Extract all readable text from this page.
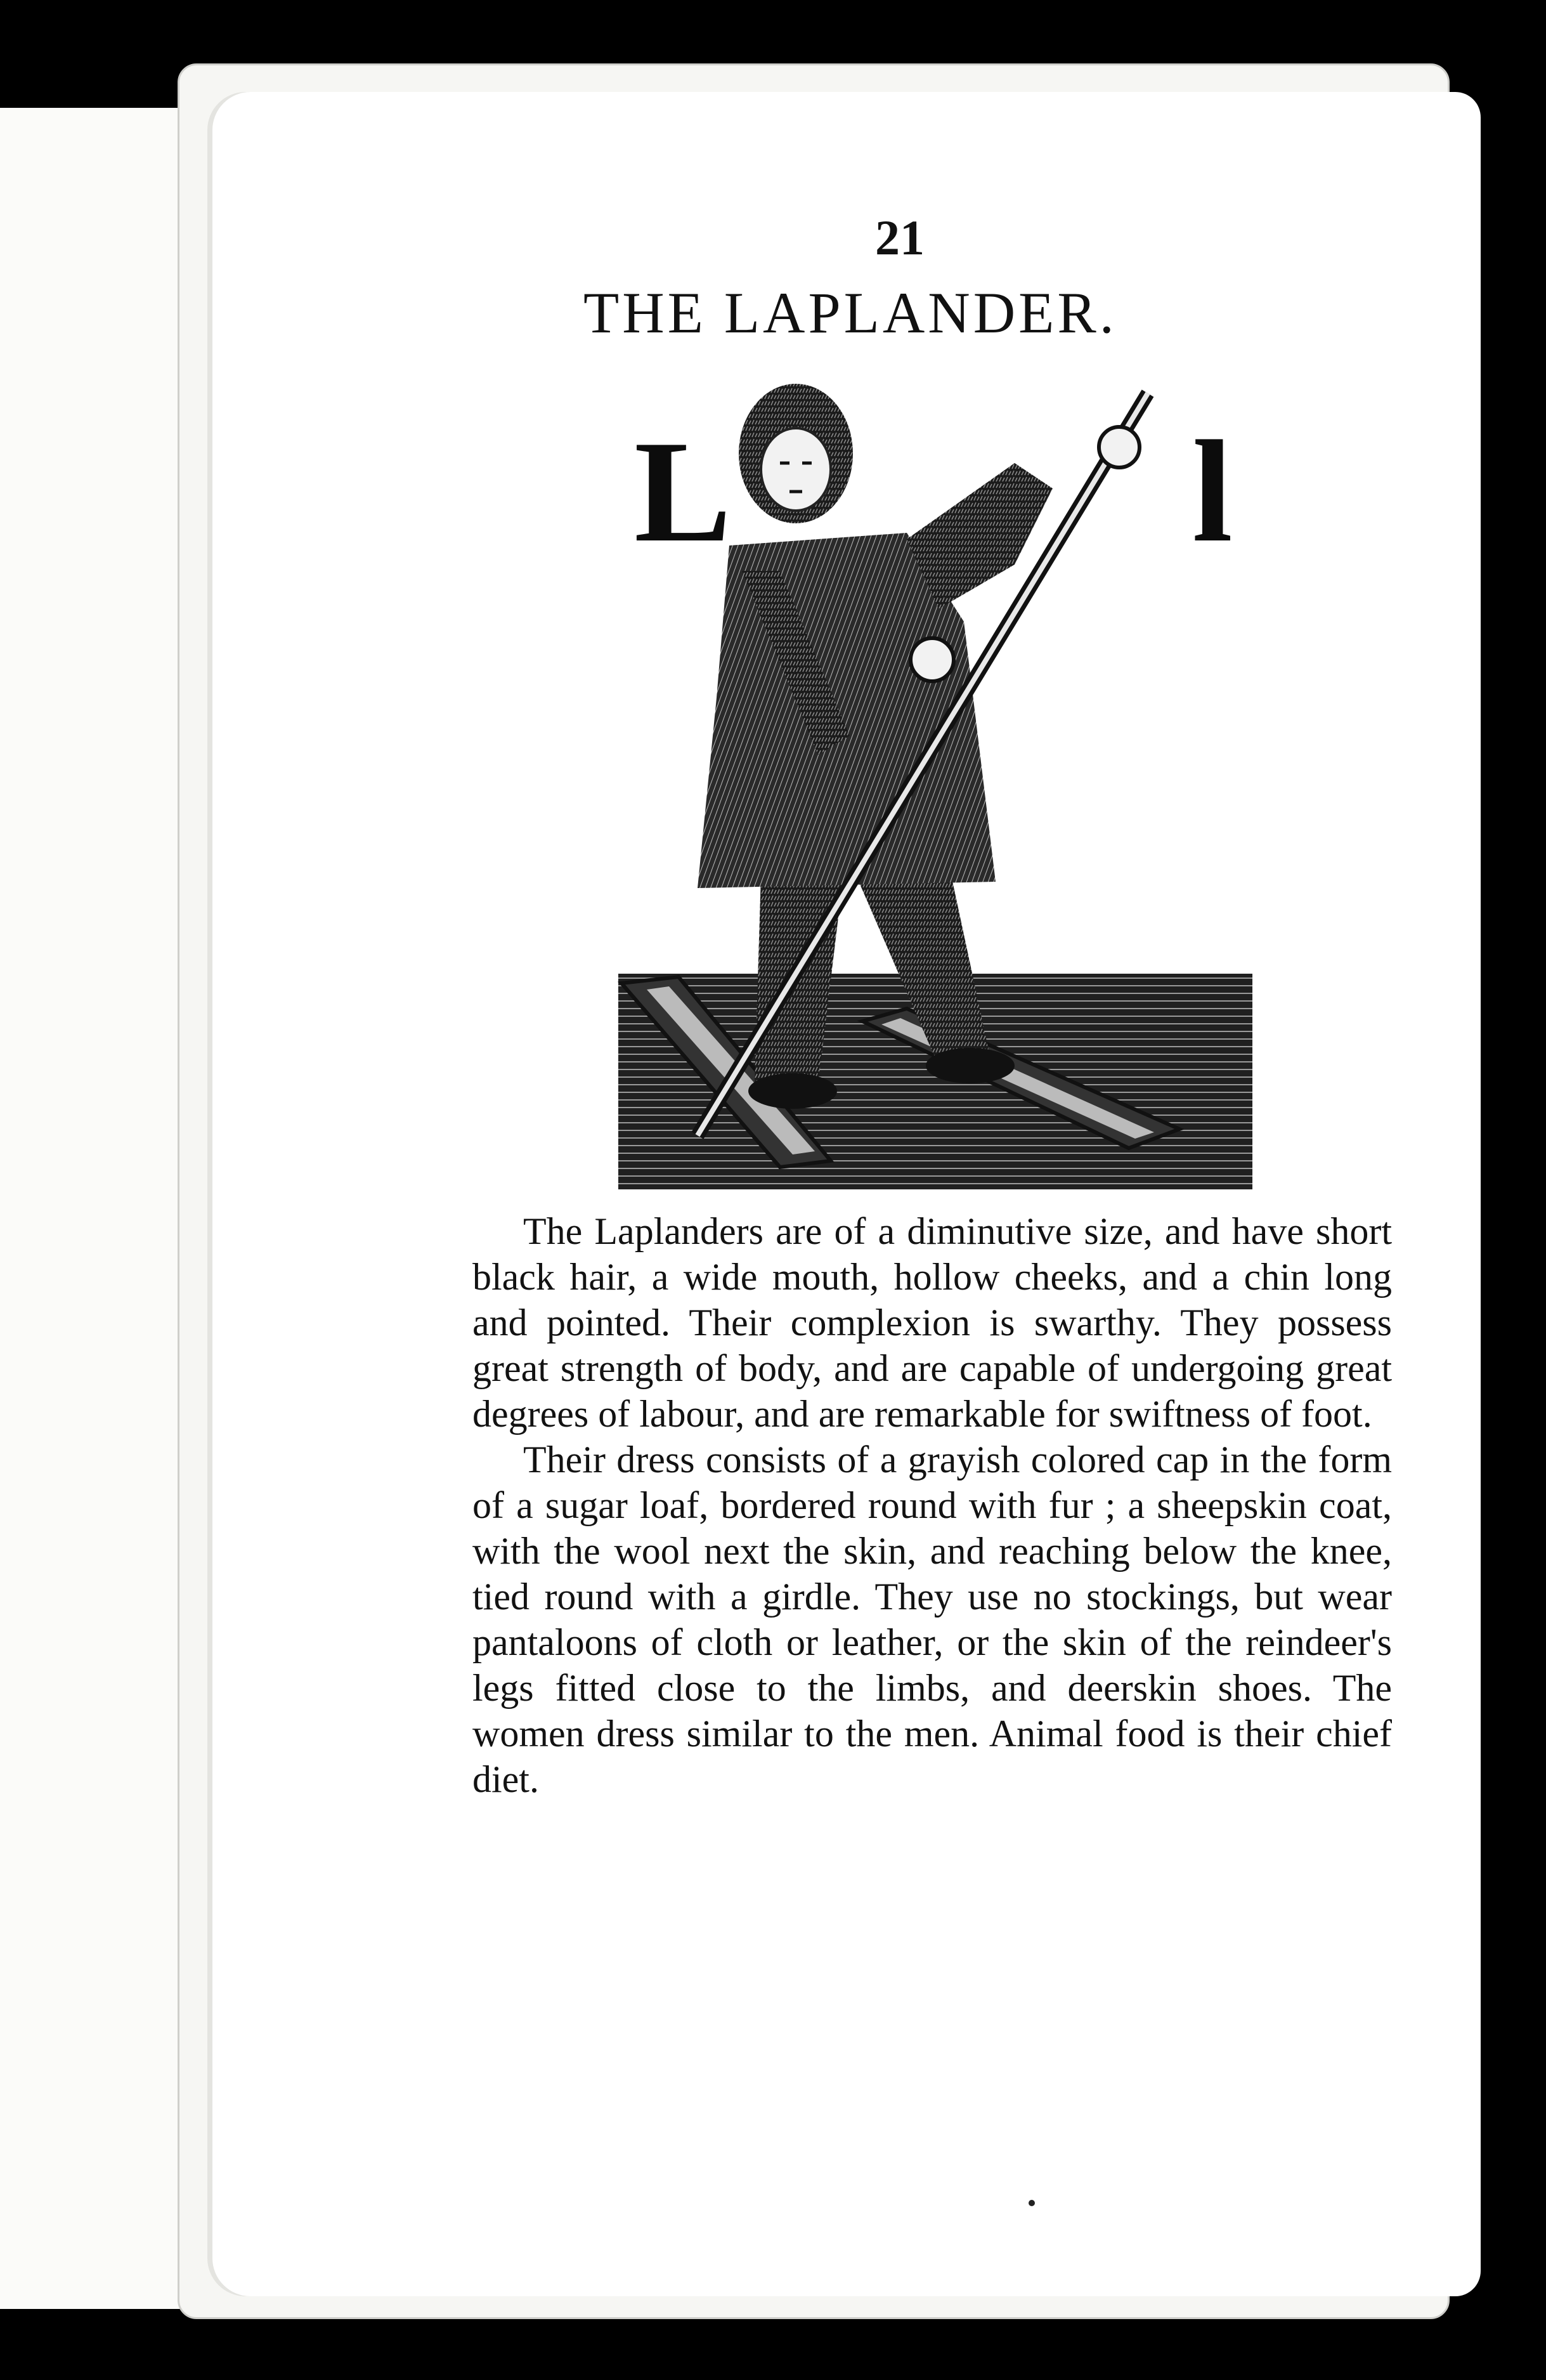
21
THE LAPLANDER.
L	l

The Laplanders are of a diminutive size, and have short black hair, a wide mouth, hollow cheeks, and a chin long and pointed. Their complexion is swarthy. They possess great strength of body, and are capable of undergoing great degrees of labour, and are remarkable for swiftness of foot.

Their dress consists of a grayish colored cap in the form of a sugar loaf, bordered round with fur ; a sheepskin coat, with the wool next the skin, and reaching below the knee, tied round with a girdle. They use no stockings, but wear pantaloons of cloth or leather, or the skin of the reindeer's legs fitted close to the limbs, and deerskin shoes. The women dress similar to the men. Animal food is their chief diet.
